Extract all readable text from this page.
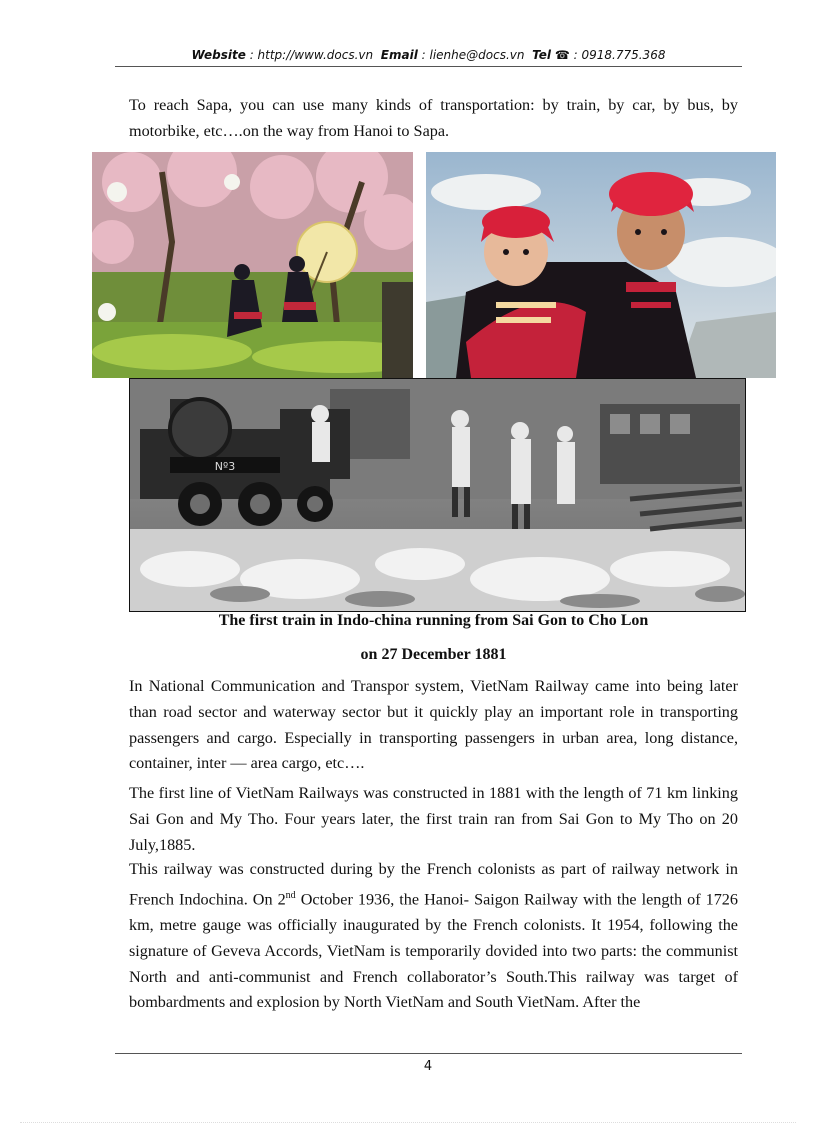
Website : http://www.docs.vn Email : lienhe@docs.vn Tel ☎ : 0918.775.368

To reach Sapa, you can use many kinds of transportation: by train, by car, by bus, by motorbike, etc….on the way from Hanoi to Sapa.

Nº3

The first train in Indo-china running from Sai Gon to Cho Lon

on 27 December 1881

In National Communication and Transpor system, VietNam Railway came into being later than road sector and waterway sector but it quickly play an important role in transporting passengers and cargo. Especially in transporting passengers in urban area, long distance, container, inter — area cargo, etc….

The first line of VietNam Railways was constructed in 1881 with the length of 71 km linking Sai Gon and My Tho. Four years later, the first train ran from Sai Gon to My Tho on 20 July,1885.

This railway was constructed during by the French colonists as part of railway network in French Indochina. On 2nd October 1936, the Hanoi- Saigon Railway with the length of 1726 km, metre gauge was officially inaugurated by the French colonists. It 1954, following the signature of Geveva Accords, VietNam is temporarily dovided into two parts: the communist North and anti-communist and French collaborator’s South.This railway was target of bombardments and explosion by North VietNam and South VietNam. After the

4
